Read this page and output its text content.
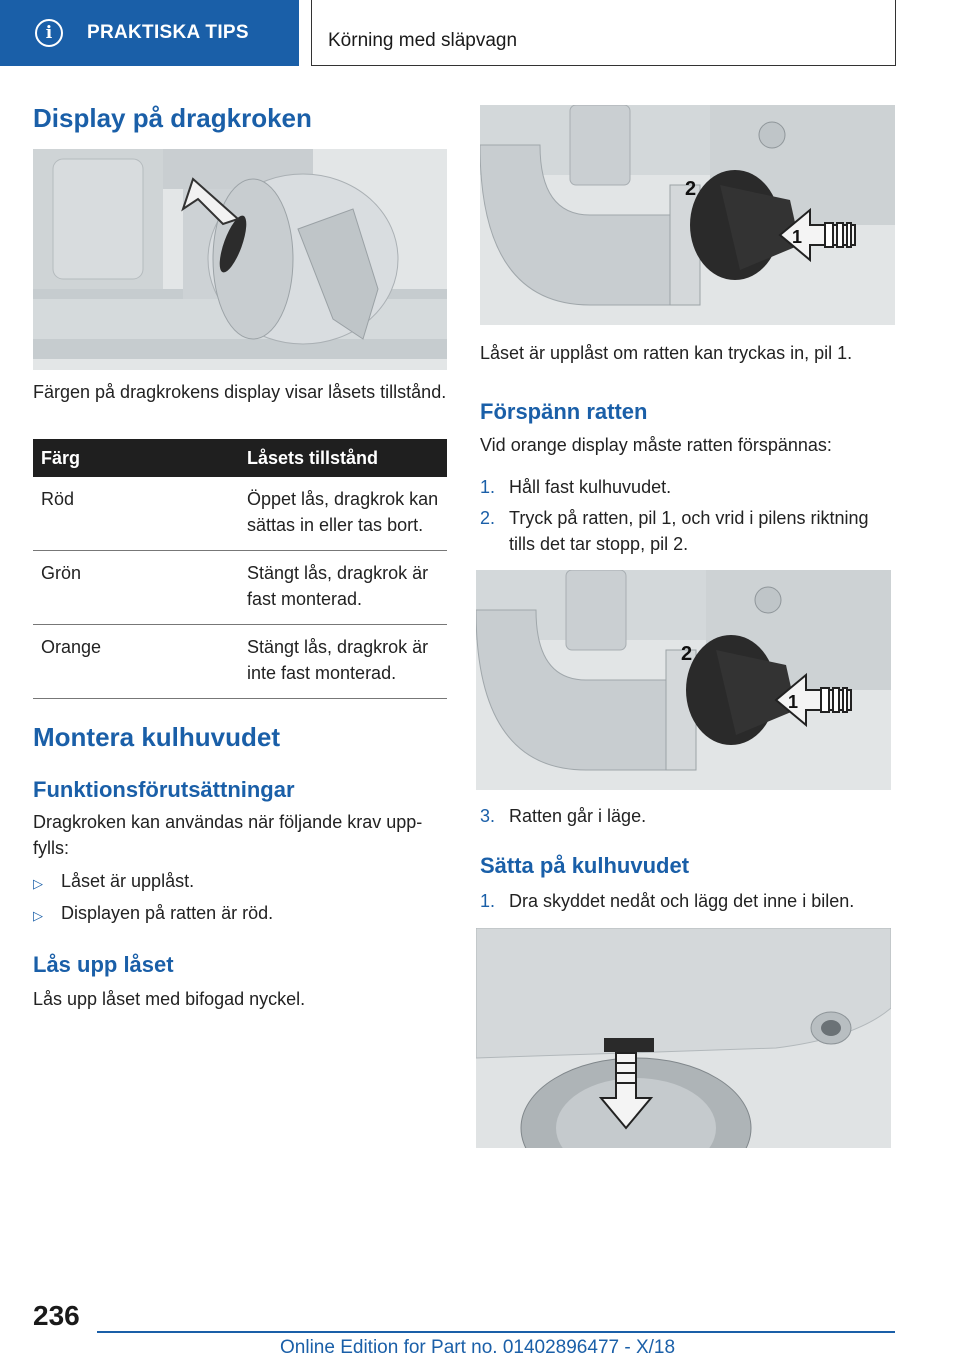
i	PRAKTISKA TIPS	Körning med släpvagn
Display på dragkroken

Färgen på dragkrokens display visar låsets tillstånd.

Färg	Låsets tillstånd
Röd	Öppet lås, dragkrok kan sättas in eller tas bort.
Grön	Stängt lås, dragkrok är fast monterad.
Orange	Stängt lås, dragkrok är inte fast monterad.
Montera kulhuvudet
Funktionsförutsättningar

Dragkroken kan användas när följande krav uppfylls:

▷ Låset är upplåst.
▷ Displayen på ratten är röd.
Lås upp låset

Lås upp låset med bifogad nyckel.

2
1

Låset är upplåst om ratten kan tryckas in, pil 1.

Förspänn ratten

Vid orange display måste ratten förspännas:

1. Håll fast kulhuvudet.
2. Tryck på ratten, pil 1, och vrid i pilens riktning tills det tar stopp, pil 2.
2
1
3. Ratten går i läge.
Sätta på kulhuvudet
1. Dra skyddet nedåt och lägg det inne i bilen.
236
Online Edition for Part no. 01402896477 - X/18
